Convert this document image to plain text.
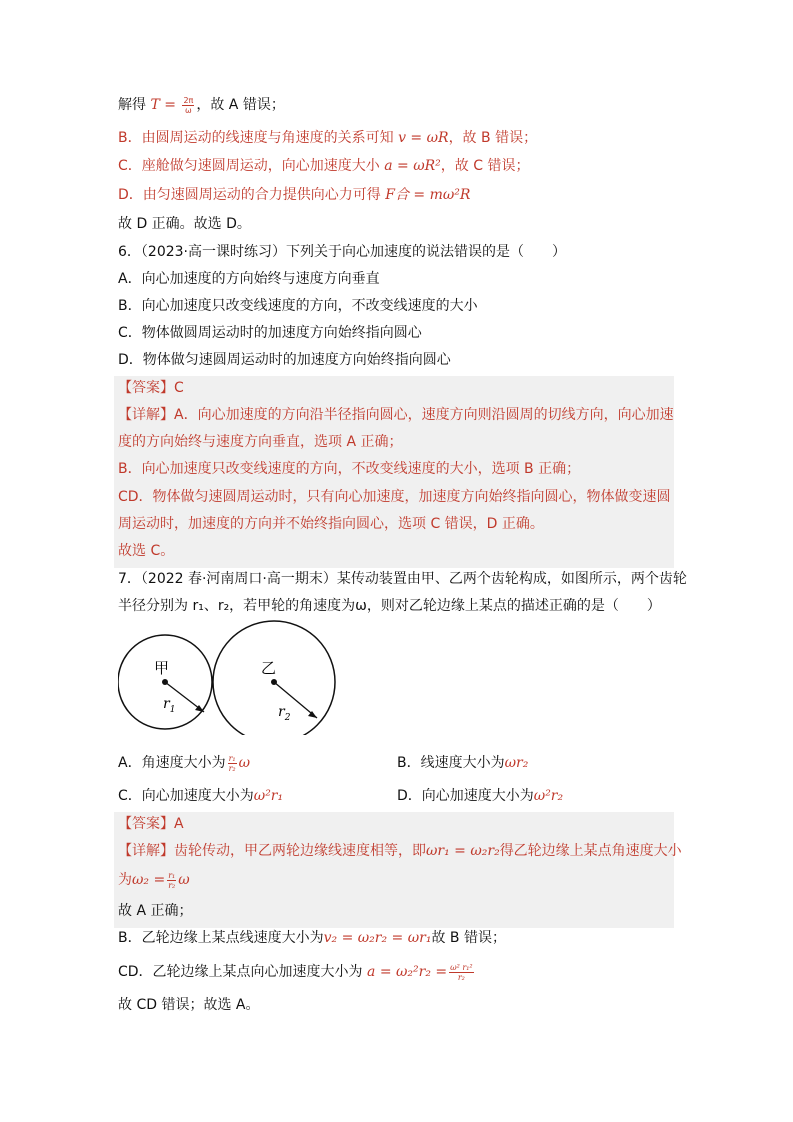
解得 $T = \frac{2\pi}{\omega}$ ，故 A 错误；
B．由圆周运动的线速度与角速度的关系可知 v = ωR，故 B 错误；
C．座舱做匀速圆周运动，向心加速度大小 a = ωR²，故 C 错误；
D．由匀速圆周运动的合力提供向心力可得 F合 = mω²R
故 D 正确。故选 D。
6．（2023·高一课时练习）下列关于向心加速度的说法错误的是（　　）
A．向心加速度的方向始终与速度方向垂直
B．向心加速度只改变线速度的方向，不改变线速度的大小
C．物体做圆周运动时的加速度方向始终指向圆心
D．物体做匀速圆周运动时的加速度方向始终指向圆心
【答案】C
【详解】A．向心加速度的方向沿半径指向圆心，速度方向则沿圆周的切线方向，向心加速
度的方向始终与速度方向垂直，选项 A 正确；
B．向心加速度只改变线速度的方向，不改变线速度的大小，选项 B 正确；
CD．物体做匀速圆周运动时，只有向心加速度，加速度方向始终指向圆心，物体做变速圆
周运动时，加速度的方向并不始终指向圆心，选项 C 错误，D 正确。
故选 C。
7．（2022 春·河南周口·高一期末）某传动装置由甲、乙两个齿轮构成，如图所示，两个齿轮
半径分别为 r₁、r₂，若甲轮的角速度为ω，则对乙轮边缘上某点的描述正确的是（　　）
甲	乙
$r_1$	$r_2$
A．角速度大小为 $\frac{\text{r₁}}{\text{r₂}}$ ω	B．线速度大小为ωr₂
C．向心加速度大小为ω²r₁	D．向心加速度大小为ω²r₂
【答案】A
【详解】齿轮传动，甲乙两轮边缘线速度相等，即ωr₁ = ω₂r₂得乙轮边缘上某点角速度大小
为$\omega_2 = \frac{\text{r₁}}{\text{r₂}}$ ω
故 A 正确；
B．乙轮边缘上某点线速度大小为v₂ = ω₂r₂ = ωr₁故 B 错误；
CD．乙轮边缘上某点向心加速度大小为 $a = \omega_2^2r_2 = \frac{\text{ω² r₁²}}{\text{r₂}}$
故 CD 错误；故选 A。
